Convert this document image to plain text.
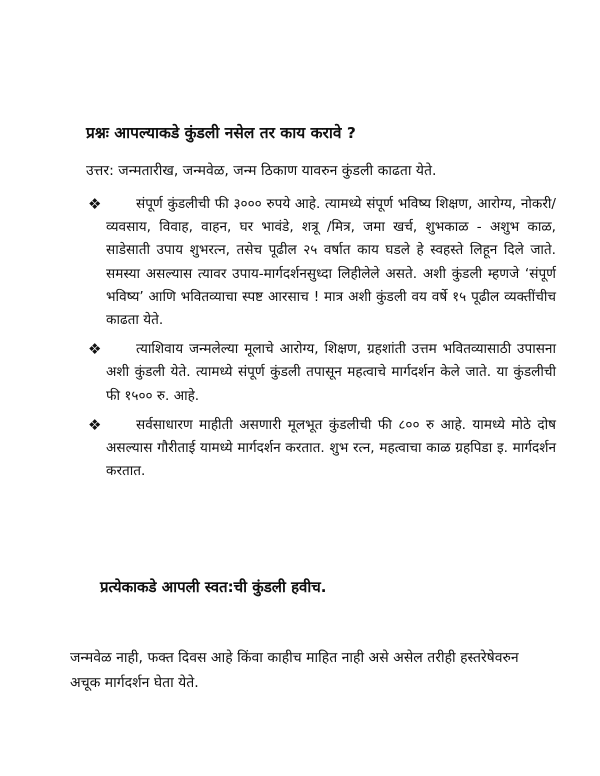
प्रश्नः आपल्याकडे कुंडली नसेल तर काय करावे ?
उत्तर: जन्मतारीख, जन्मवेळ, जन्म ठिकाण यावरुन कुंडली काढता येते.
❖	संपूर्ण कुंडलीची फी ३००० रुपये आहे. त्यामध्ये संपूर्ण भविष्य शिक्षण, आरोग्य, नोकरी/ व्यवसाय, विवाह, वाहन, घर भावंडे, शत्रू /मित्र, जमा खर्च, शुभकाळ - अशुभ काळ, साडेसाती उपाय शुभरत्न, तसेच पूढील २५ वर्षात काय घडले हे स्वहस्ते लिहून दिले जाते. समस्या असल्यास त्यावर उपाय-मार्गदर्शनसुध्दा लिहीलेले असते. अशी कुंडली म्हणजे ‘संपूर्ण भविष्य’ आणि भवितव्याचा स्पष्ट आरसाच ! मात्र अशी कुंडली वय वर्षे १५ पूढील व्यक्तींचीच काढता येते.
❖	त्याशिवाय जन्मलेल्या मूलाचे आरोग्य, शिक्षण, ग्रहशांती उत्तम भवितव्यासाठी उपासना अशी कुंडली येते. त्यामध्ये संपूर्ण कुंडली तपासून महत्वाचे मार्गदर्शन केले जाते. या कुंडलीची फी १५०० रु. आहे.
❖	सर्वसाधारण माहीती असणारी मूलभूत कुंडलीची फी ८०० रु आहे. यामध्ये मोठे दोष असल्यास गौरीताई यामध्ये मार्गदर्शन करतात. शुभ रत्न, महत्वाचा काळ ग्रहपिडा इ. मार्गदर्शन करतात.
प्रत्येकाकडे आपली स्वत:ची कुंडली हवीच.
जन्मवेळ नाही, फक्त दिवस आहे किंवा काहीच माहित नाही असे असेल तरीही हस्तरेषेवरुन अचूक मार्गदर्शन घेता येते.
